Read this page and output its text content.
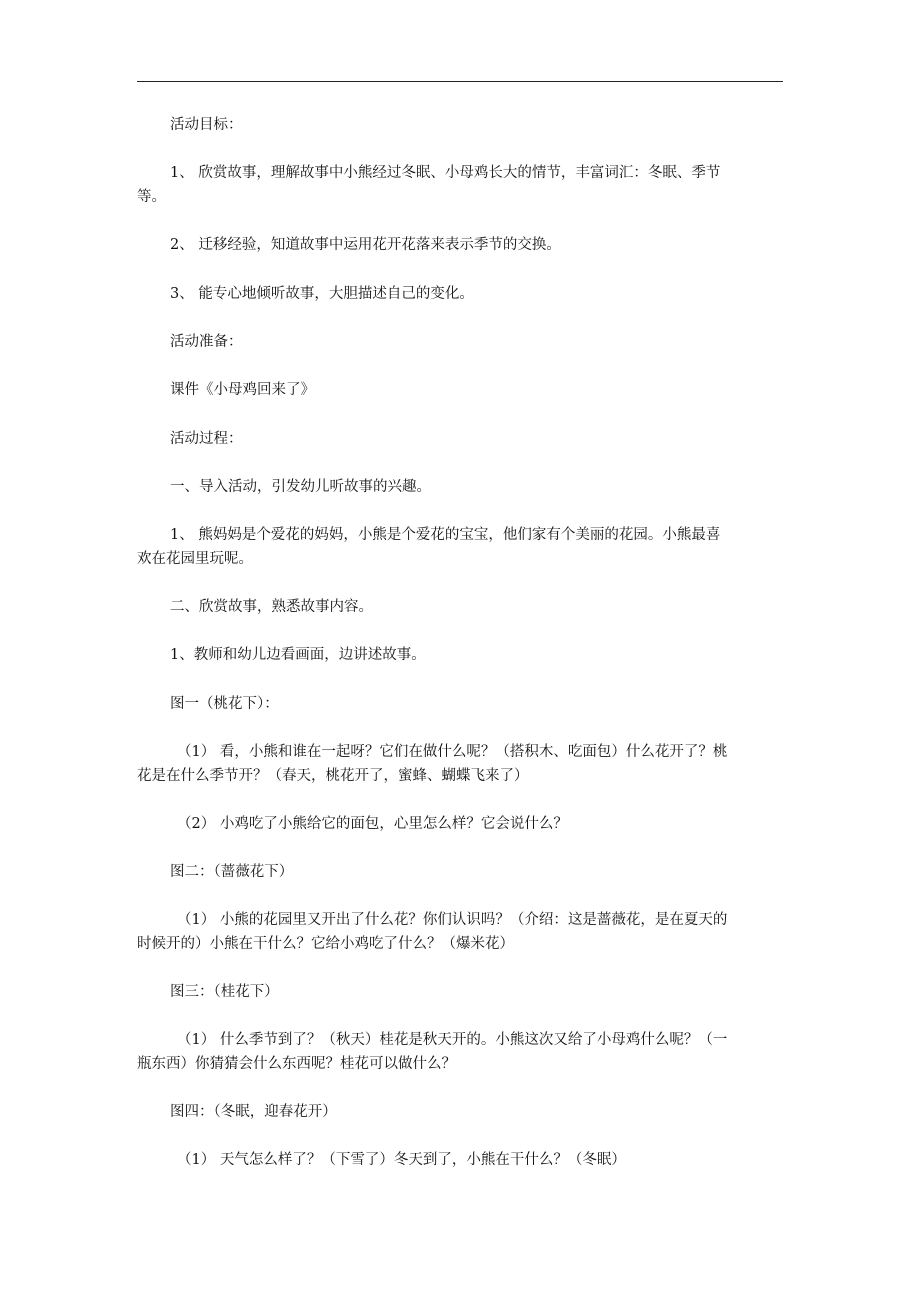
活动目标：
1、 欣赏故事，理解故事中小熊经过冬眠、小母鸡长大的情节，丰富词汇：冬眠、季节
等。
2、 迁移经验，知道故事中运用花开花落来表示季节的交换。
3、 能专心地倾听故事，大胆描述自己的变化。
活动准备：
课件《小母鸡回来了》
活动过程：
一、导入活动，引发幼儿听故事的兴趣。
1、 熊妈妈是个爱花的妈妈，小熊是个爱花的宝宝，他们家有个美丽的花园。小熊最喜
欢在花园里玩呢。
二、欣赏故事，熟悉故事内容。
1、教师和幼儿边看画面，边讲述故事。
图一（桃花下）：
（1） 看，小熊和谁在一起呀？它们在做什么呢？（搭积木、吃面包）什么花开了？桃
花是在什么季节开？（春天，桃花开了，蜜蜂、蝴蝶飞来了）
（2） 小鸡吃了小熊给它的面包，心里怎么样？它会说什么？
图二：（蔷薇花下）
（1） 小熊的花园里又开出了什么花？你们认识吗？（介绍：这是蔷薇花，是在夏天的
时候开的）小熊在干什么？它给小鸡吃了什么？（爆米花）
图三：（桂花下）
（1） 什么季节到了？（秋天）桂花是秋天开的。小熊这次又给了小母鸡什么呢？（一
瓶东西）你猜猜会什么东西呢？桂花可以做什么？
图四：（冬眠，迎春花开）
（1） 天气怎么样了？（下雪了）冬天到了，小熊在干什么？（冬眠）
